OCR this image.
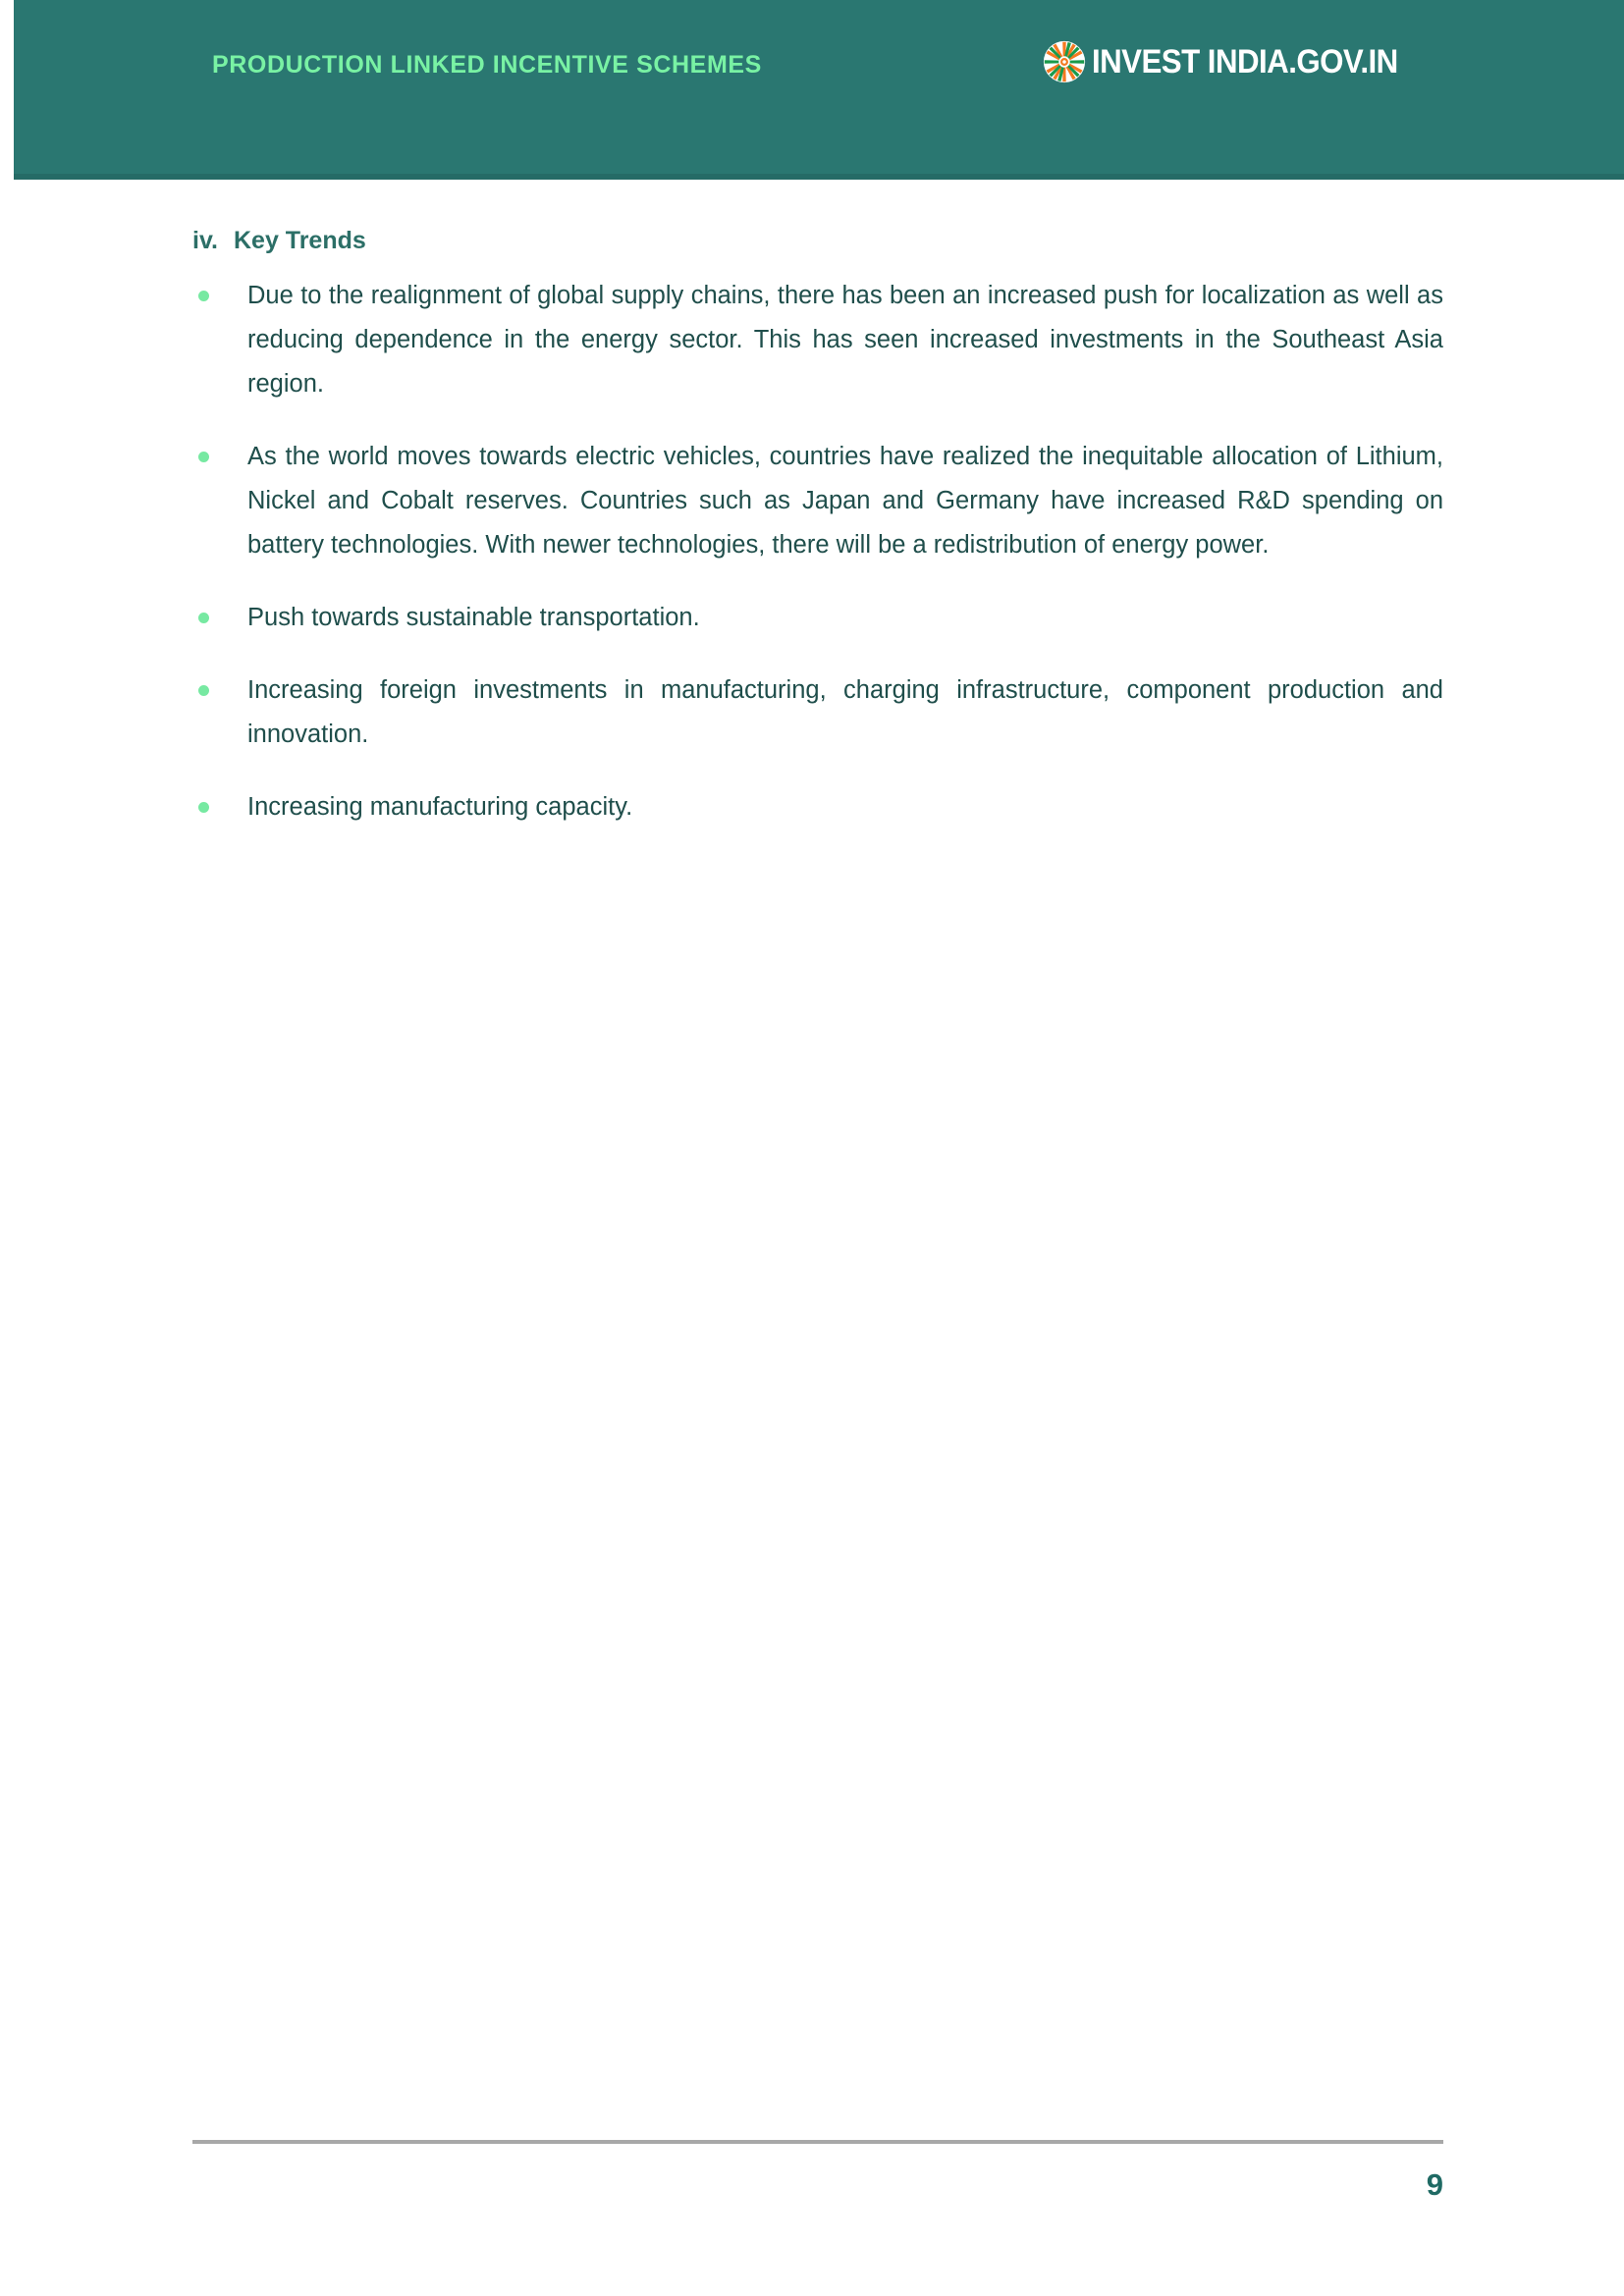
PRODUCTION LINKED INCENTIVE SCHEMES	INVEST INDIA.GOV.IN
iv. Key Trends
Due to the realignment of global supply chains, there has been an increased push for localization as well as reducing dependence in the energy sector. This has seen increased investments in the Southeast Asia region.
As the world moves towards electric vehicles, countries have realized the inequitable allocation of Lithium, Nickel and Cobalt reserves. Countries such as Japan and Germany have increased R&D spending on battery technologies. With newer technologies, there will be a redistribution of energy power.
Push towards sustainable transportation.
Increasing foreign investments in manufacturing, charging infrastructure, component production and innovation.
Increasing manufacturing capacity.
9
